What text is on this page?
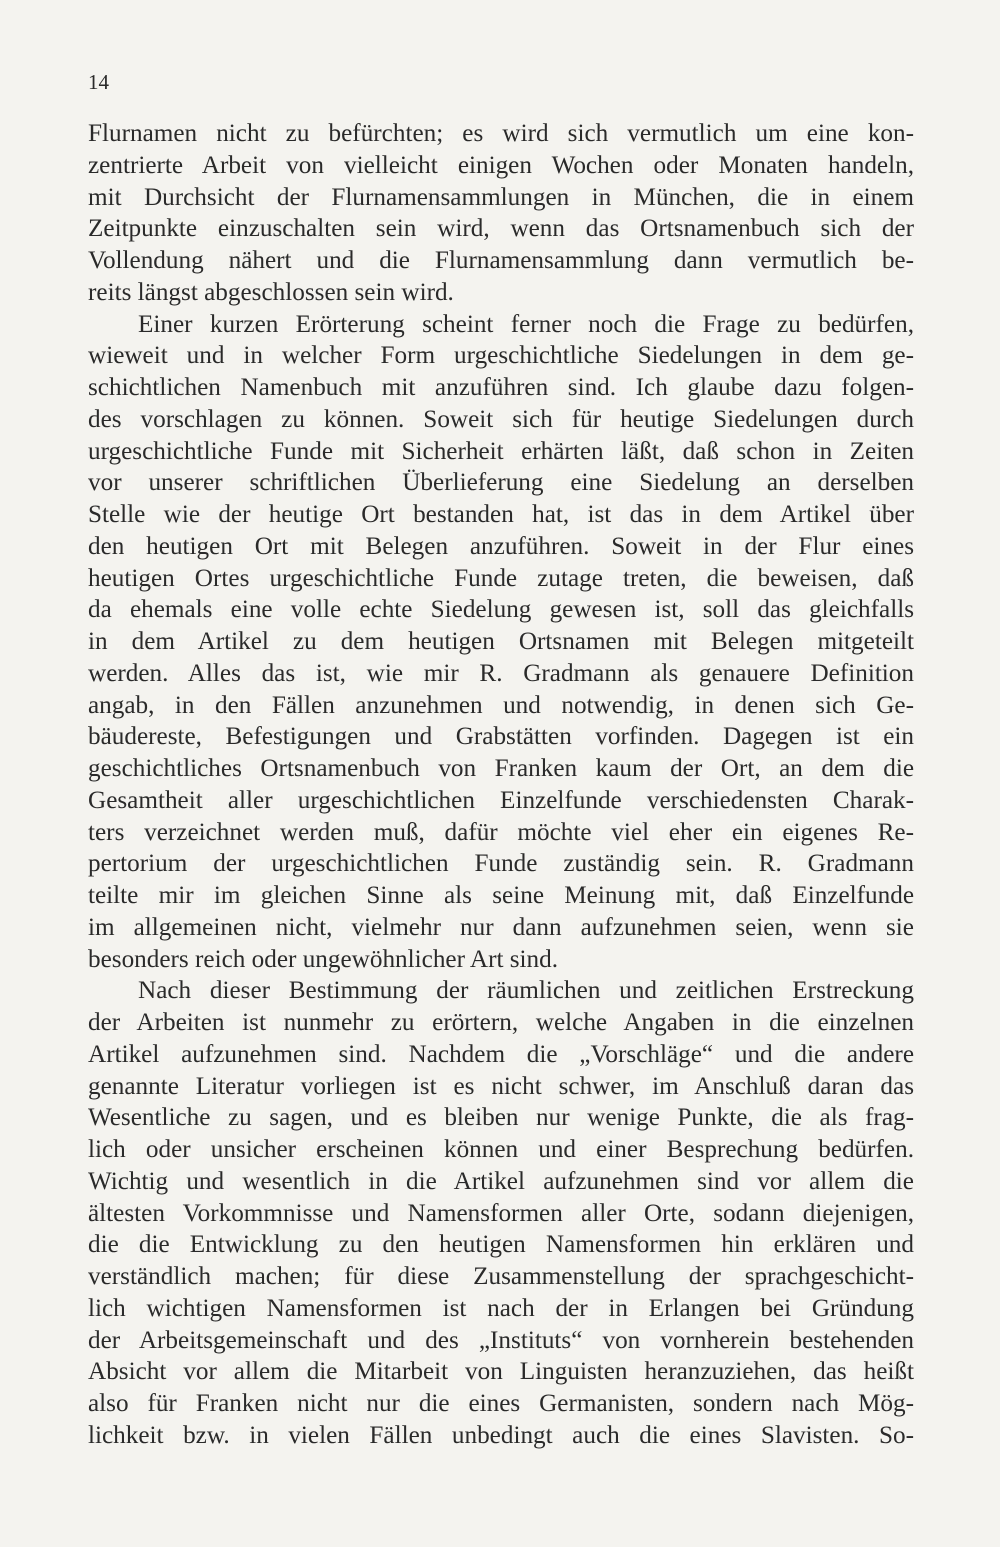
14
Flurnamen nicht zu befürchten; es wird sich vermutlich um eine kon-
zentrierte Arbeit von vielleicht einigen Wochen oder Monaten handeln,
mit Durchsicht der Flurnamensammlungen in München, die in einem
Zeitpunkte einzuschalten sein wird, wenn das Ortsnamenbuch sich der
Vollendung nähert und die Flurnamensammlung dann vermutlich be-
reits längst abgeschlossen sein wird.
Einer kurzen Erörterung scheint ferner noch die Frage zu bedürfen,
wieweit und in welcher Form urgeschichtliche Siedelungen in dem ge-
schichtlichen Namenbuch mit anzuführen sind. Ich glaube dazu folgen-
des vorschlagen zu können. Soweit sich für heutige Siedelungen durch
urgeschichtliche Funde mit Sicherheit erhärten läßt, daß schon in Zeiten
vor unserer schriftlichen Überlieferung eine Siedelung an derselben
Stelle wie der heutige Ort bestanden hat, ist das in dem Artikel über
den heutigen Ort mit Belegen anzuführen. Soweit in der Flur eines
heutigen Ortes urgeschichtliche Funde zutage treten, die beweisen, daß
da ehemals eine volle echte Siedelung gewesen ist, soll das gleichfalls
in dem Artikel zu dem heutigen Ortsnamen mit Belegen mitgeteilt
werden. Alles das ist, wie mir R. Gradmann als genauere Definition
angab, in den Fällen anzunehmen und notwendig, in denen sich Ge-
bäudereste, Befestigungen und Grabstätten vorfinden. Dagegen ist ein
geschichtliches Ortsnamenbuch von Franken kaum der Ort, an dem die
Gesamtheit aller urgeschichtlichen Einzelfunde verschiedensten Charak-
ters verzeichnet werden muß, dafür möchte viel eher ein eigenes Re-
pertorium der urgeschichtlichen Funde zuständig sein. R. Gradmann
teilte mir im gleichen Sinne als seine Meinung mit, daß Einzelfunde
im allgemeinen nicht, vielmehr nur dann aufzunehmen seien, wenn sie
besonders reich oder ungewöhnlicher Art sind.
Nach dieser Bestimmung der räumlichen und zeitlichen Erstreckung
der Arbeiten ist nunmehr zu erörtern, welche Angaben in die einzelnen
Artikel aufzunehmen sind. Nachdem die „Vorschläge“ und die andere
genannte Literatur vorliegen ist es nicht schwer, im Anschluß daran das
Wesentliche zu sagen, und es bleiben nur wenige Punkte, die als frag-
lich oder unsicher erscheinen können und einer Besprechung bedürfen.
Wichtig und wesentlich in die Artikel aufzunehmen sind vor allem die
ältesten Vorkommnisse und Namensformen aller Orte, sodann diejenigen,
die die Entwicklung zu den heutigen Namensformen hin erklären und
verständlich machen; für diese Zusammenstellung der sprachgeschicht-
lich wichtigen Namensformen ist nach der in Erlangen bei Gründung
der Arbeitsgemeinschaft und des „Instituts“ von vornherein bestehenden
Absicht vor allem die Mitarbeit von Linguisten heranzuziehen, das heißt
also für Franken nicht nur die eines Germanisten, sondern nach Mög-
lichkeit bzw. in vielen Fällen unbedingt auch die eines Slavisten. So-
